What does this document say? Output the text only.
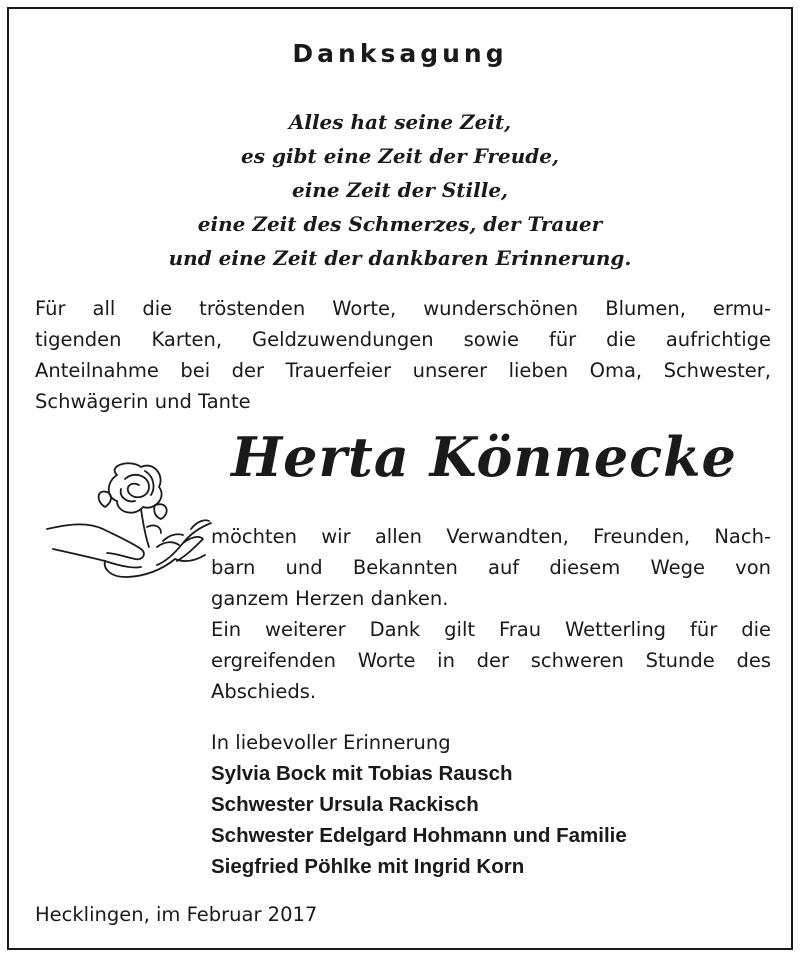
Danksagung
Alles hat seine Zeit,
es gibt eine Zeit der Freude,
eine Zeit der Stille,
eine Zeit des Schmerzes, der Trauer
und eine Zeit der dankbaren Erinnerung.
Für all die tröstenden Worte, wunderschönen Blumen, ermu-
tigenden Karten, Geldzuwendungen sowie für die aufrichtige
Anteilnahme bei der Trauerfeier unserer lieben Oma, Schwester,
Schwägerin und Tante
Herta Könnecke
möchten wir allen Verwandten, Freunden, Nach-
barn und Bekannten auf diesem Wege von
ganzem Herzen danken.
Ein weiterer Dank gilt Frau Wetterling für die
ergreifenden Worte in der schweren Stunde des
Abschieds.
In liebevoller Erinnerung
Sylvia Bock mit Tobias Rausch
Schwester Ursula Rackisch
Schwester Edelgard Hohmann und Familie
Siegfried Pöhlke mit Ingrid Korn
Hecklingen, im Februar 2017
